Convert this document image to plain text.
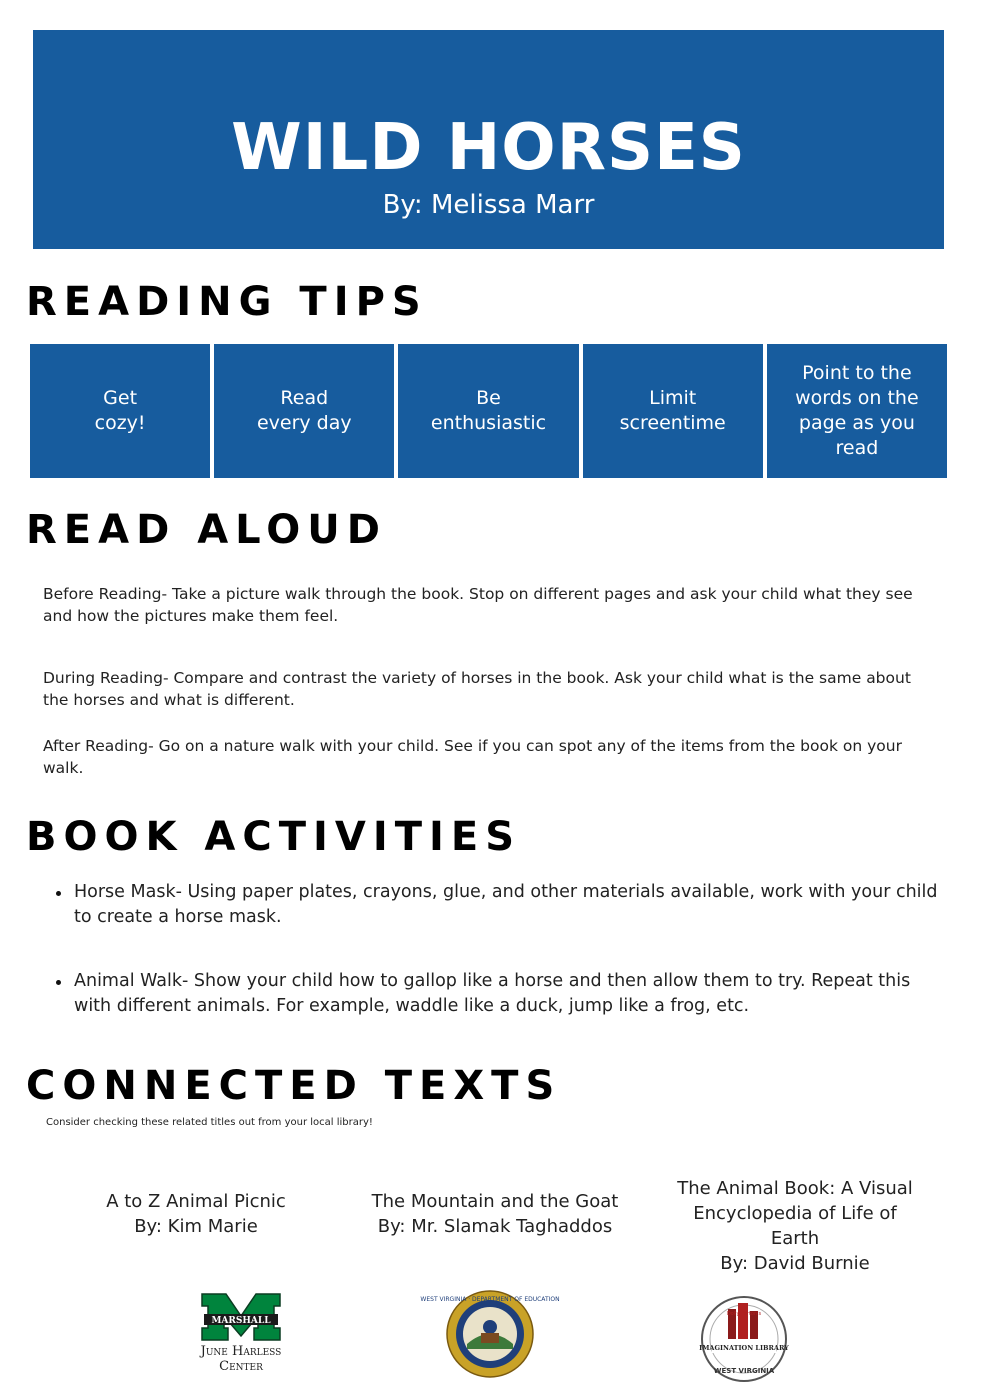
WILD HORSES
By: Melissa Marr
READING TIPS
Get
cozy!
Read
every day
Be
enthusiastic
Limit
screentime
Point to the words on the page as you read
READ ALOUD

Before Reading- Take a picture walk through the book. Stop on different pages and ask your child what they see and how the pictures make them feel.

During Reading- Compare and contrast the variety of horses in the book. Ask your child what is the same about the horses and what is different.

After Reading- Go on a nature walk with your child. See if you can spot any of the items from the book on your walk.

BOOK ACTIVITIES
Horse Mask- Using paper plates, crayons, glue, and other materials available, work with your child to create a horse mask.
Animal Walk- Show your child how to gallop like a horse and then allow them to try. Repeat this with different animals. For example, waddle like a duck, jump like a frog, etc.
CONNECTED TEXTS

Consider checking these related titles out from your local library!

A to Z Animal Picnic
By: Kim Marie
The Mountain and the Goat
By: Mr. Slamak Taghaddos
The Animal Book: A Visual Encyclopedia of Life of Earth
By: David Burnie
MARSHALL
June Harless
Center
WEST VIRGINIA · DEPARTMENT OF EDUCATION
Dolly Parton's
IMAGINATION LIBRARY
WEST VIRGINIA
